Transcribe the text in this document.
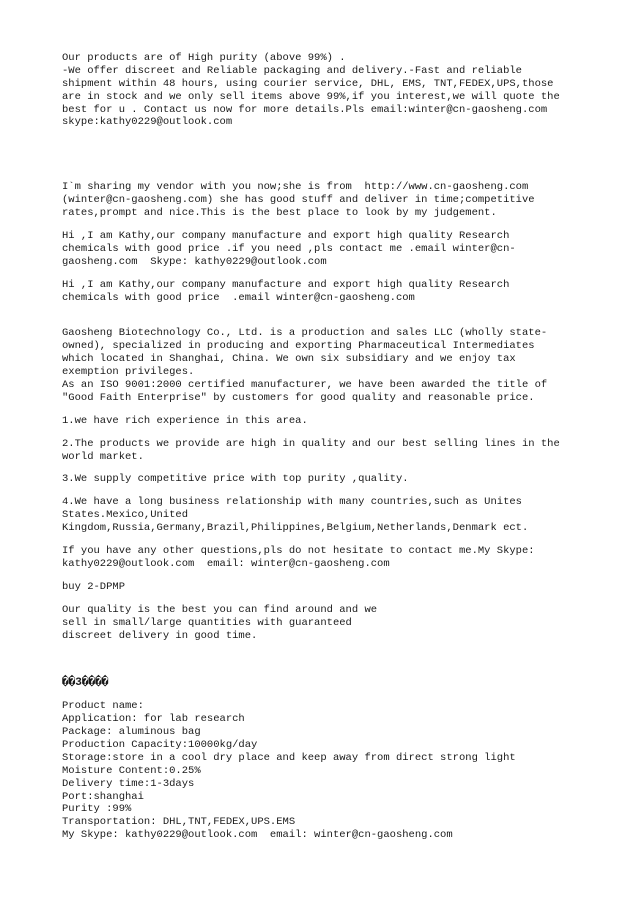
Our products are of High purity (above 99%) .
-We offer discreet and Reliable packaging and delivery.-Fast and reliable
shipment within 48 hours, using courier service, DHL, EMS, TNT,FEDEX,UPS,those
are in stock and we only sell items above 99%,if you interest,we will quote the
best for u . Contact us now for more details.Pls email:winter@cn-gaosheng.com
skype:kathy0229@outlook.com
I`m sharing my vendor with you now;she is from  http://www.cn-gaosheng.com
(winter@cn-gaosheng.com) she has good stuff and deliver in time;competitive
rates,prompt and nice.This is the best place to look by my judgement.
Hi ,I am Kathy,our company manufacture and export high quality Research
chemicals with good price .if you need ,pls contact me .email winter@cn-
gaosheng.com  Skype: kathy0229@outlook.com
Hi ,I am Kathy,our company manufacture and export high quality Research
chemicals with good price  .email winter@cn-gaosheng.com
Gaosheng Biotechnology Co., Ltd. is a production and sales LLC (wholly state-
owned), specialized in producing and exporting Pharmaceutical Intermediates
which located in Shanghai, China. We own six subsidiary and we enjoy tax
exemption privileges.
As an ISO 9001:2000 certified manufacturer, we have been awarded the title of
"Good Faith Enterprise" by customers for good quality and reasonable price.
1.we have rich experience in this area.
2.The products we provide are high in quality and our best selling lines in the
world market.
3.We supply competitive price with top purity ,quality.
4.We have a long business relationship with many countries,such as Unites
States.Mexico,United
Kingdom,Russia,Germany,Brazil,Philippines,Belgium,Netherlands,Denmark ect.
If you have any other questions,pls do not hesitate to contact me.My Skype:
kathy0229@outlook.com  email: winter@cn-gaosheng.com
buy 2-DPMP
Our quality is the best you can find around and we
sell in small/large quantities with guaranteed
discreet delivery in good time.
��3����
Product name:
Application: for lab research
Package: aluminous bag
Production Capacity:10000kg/day
Storage:store in a cool dry place and keep away from direct strong light
Moisture Content:0.25%
Delivery time:1-3days
Port:shanghai
Purity :99%
Transportation: DHL,TNT,FEDEX,UPS.EMS
My Skype: kathy0229@outlook.com  email: winter@cn-gaosheng.com
